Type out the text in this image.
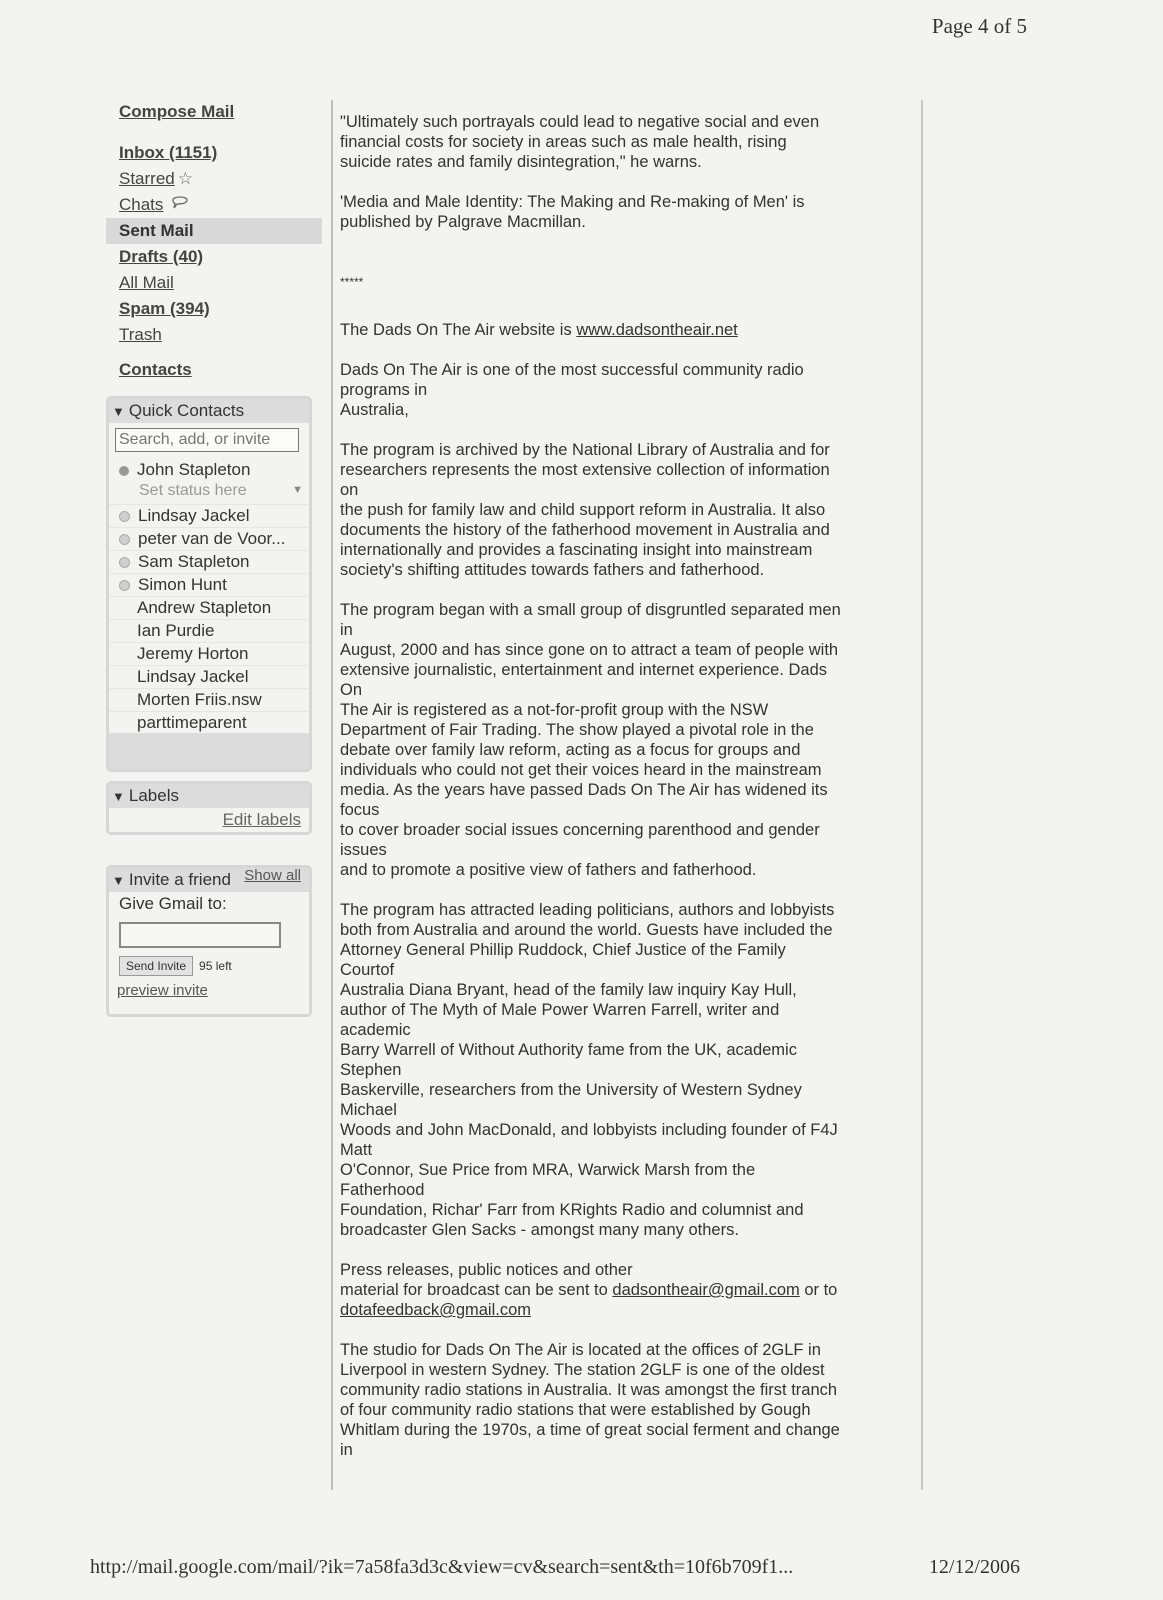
Page 4 of 5
Compose Mail
Inbox (1151)
Starred ☆
Chats
Sent Mail
Drafts (40)
All Mail
Spam (394)
Trash
Contacts
▼ Quick Contacts
Search, add, or invite
John Stapleton
Set status here	▼
Lindsay Jackel
peter van de Voor...
Sam Stapleton
Simon Hunt
Andrew Stapleton
Ian Purdie
Jeremy Horton
Lindsay Jackel
Morten Friis.nsw
parttimeparent
▼ Labels
Edit labels
▼ Invite a friend Show all
Give Gmail to:
Send Invite	95 left
preview invite
"Ultimately such portrayals could lead to negative social and even
financial costs for society in areas such as male health, rising
suicide rates and family disintegration," he warns.
'Media and Male Identity: The Making and Re-making of Men' is
published by Palgrave Macmillan.
*****
The Dads On The Air website is www.dadsontheair.net
Dads On The Air is one of the most successful community radio
programs in
Australia,
The program is archived by the National Library of Australia and for
researchers represents the most extensive collection of information
on
the push for family law and child support reform in Australia. It also
documents the history of the fatherhood movement in Australia and
internationally and provides a fascinating insight into mainstream
society's shifting attitudes towards fathers and fatherhood.
The program began with a small group of disgruntled separated men
in
August, 2000 and has since gone on to attract a team of people with
extensive journalistic, entertainment and internet experience. Dads
On
The Air is registered as a not-for-profit group with the NSW
Department of Fair Trading. The show played a pivotal role in the
debate over family law reform, acting as a focus for groups and
individuals who could not get their voices heard in the mainstream
media. As the years have passed Dads On The Air has widened its
focus
to cover broader social issues concerning parenthood and gender
issues
and to promote a positive view of fathers and fatherhood.
The program has attracted leading politicians, authors and lobbyists
both from Australia and around the world. Guests have included the
Attorney General Phillip Ruddock, Chief Justice of the Family
Courtof
Australia Diana Bryant, head of the family law inquiry Kay Hull,
author of The Myth of Male Power Warren Farrell, writer and
academic
Barry Warrell of Without Authority fame from the UK, academic
Stephen
Baskerville, researchers from the University of Western Sydney
Michael
Woods and John MacDonald, and lobbyists including founder of F4J
Matt
O'Connor, Sue Price from MRA, Warwick Marsh from the
Fatherhood
Foundation, Richar' Farr from KRights Radio and columnist and
broadcaster Glen Sacks - amongst many many others.
Press releases, public notices and other
material for broadcast can be sent to dadsontheair@gmail.com or to
dotafeedback@gmail.com
The studio for Dads On The Air is located at the offices of 2GLF in
Liverpool in western Sydney. The station 2GLF is one of the oldest
community radio stations in Australia. It was amongst the first tranch
of four community radio stations that were established by Gough
Whitlam during the 1970s, a time of great social ferment and change
in
http://mail.google.com/mail/?ik=7a58fa3d3c&view=cv&search=sent&th=10f6b709f1...	12/12/2006
